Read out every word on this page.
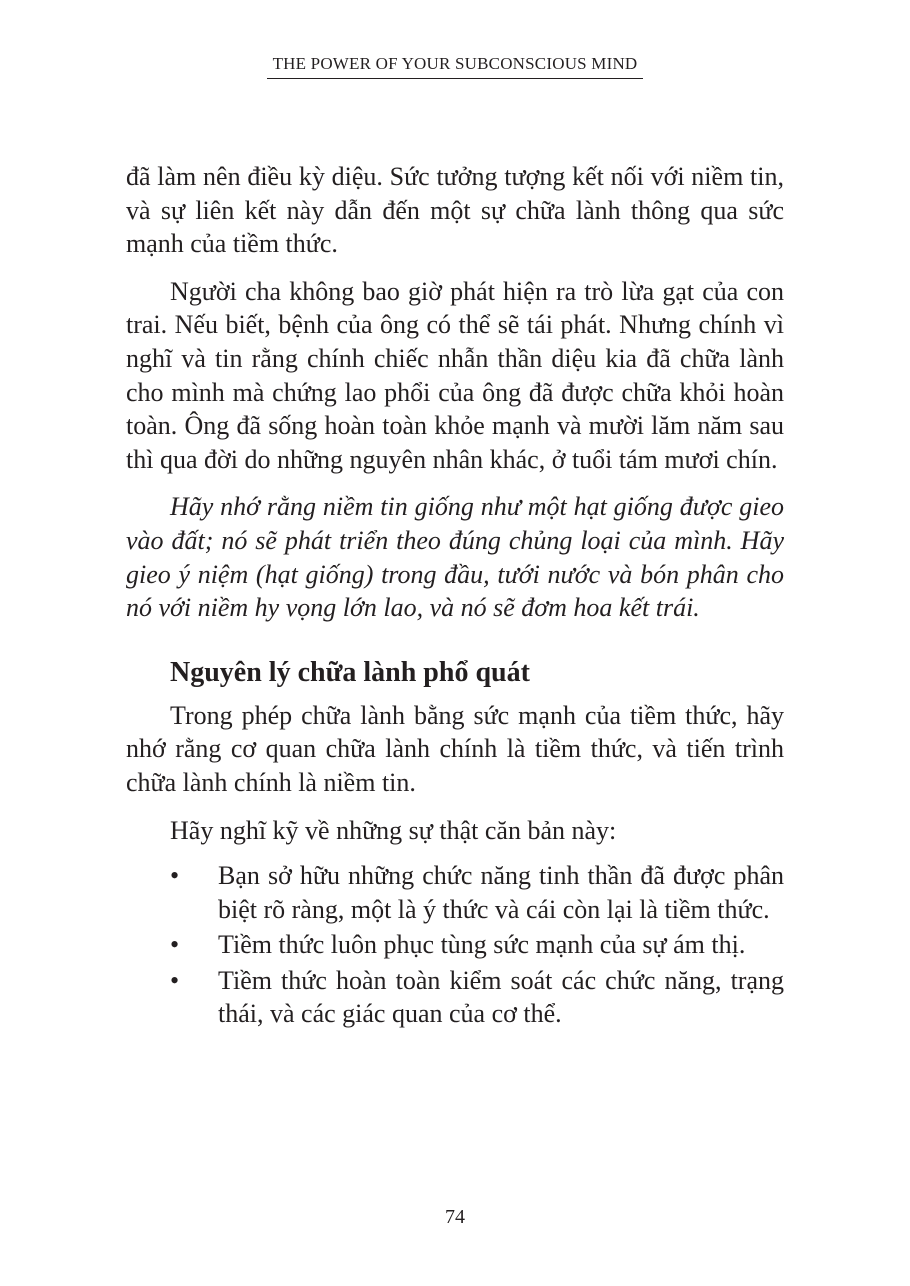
THE POWER OF YOUR SUBCONSCIOUS MIND

đã làm nên điều kỳ diệu. Sức tưởng tượng kết nối với niềm tin, và sự liên kết này dẫn đến một sự chữa lành thông qua sức mạnh của tiềm thức.

Người cha không bao giờ phát hiện ra trò lừa gạt của con trai. Nếu biết, bệnh của ông có thể sẽ tái phát. Nhưng chính vì nghĩ và tin rằng chính chiếc nhẫn thần diệu kia đã chữa lành cho mình mà chứng lao phổi của ông đã được chữa khỏi hoàn toàn. Ông đã sống hoàn toàn khỏe mạnh và mười lăm năm sau thì qua đời do những nguyên nhân khác, ở tuổi tám mươi chín.

Hãy nhớ rằng niềm tin giống như một hạt giống được gieo vào đất; nó sẽ phát triển theo đúng chủng loại của mình. Hãy gieo ý niệm (hạt giống) trong đầu, tưới nước và bón phân cho nó với niềm hy vọng lớn lao, và nó sẽ đơm hoa kết trái.

Nguyên lý chữa lành phổ quát

Trong phép chữa lành bằng sức mạnh của tiềm thức, hãy nhớ rằng cơ quan chữa lành chính là tiềm thức, và tiến trình chữa lành chính là niềm tin.

Hãy nghĩ kỹ về những sự thật căn bản này:

• Bạn sở hữu những chức năng tinh thần đã được phân biệt rõ ràng, một là ý thức và cái còn lại là tiềm thức.
• Tiềm thức luôn phục tùng sức mạnh của sự ám thị.
• Tiềm thức hoàn toàn kiểm soát các chức năng, trạng thái, và các giác quan của cơ thể.
74
